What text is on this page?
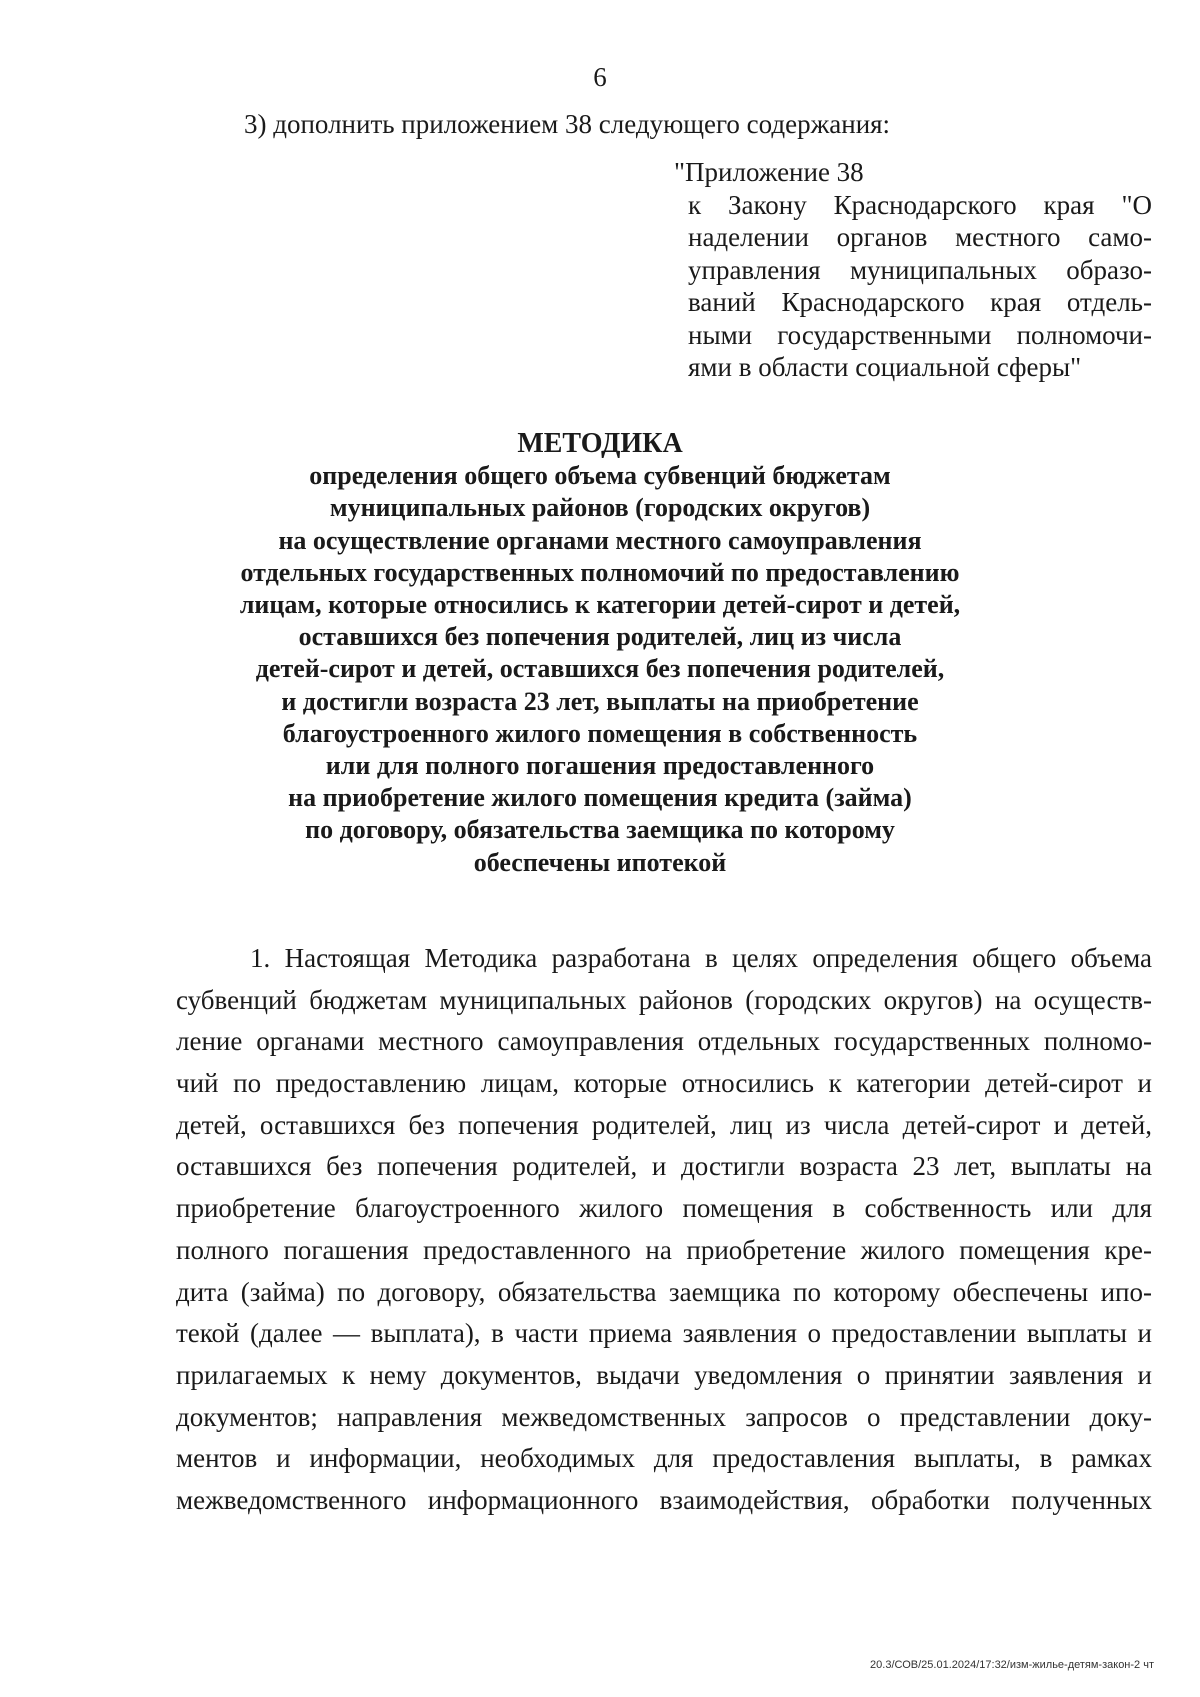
6
3) дополнить приложением 38 следующего содержания:
"Приложение 38
к Закону Краснодарского края "О наделении органов местного само-управления муниципальных образо-ваний Краснодарского края отдель-ными государственными полномочи-ями в области социальной сферы"
МЕТОДИКА
определения общего объема субвенций бюджетам
муниципальных районов (городских округов)
на осуществление органами местного самоуправления
отдельных государственных полномочий по предоставлению
лицам, которые относились к категории детей-сирот и детей,
оставшихся без попечения родителей, лиц из числа
детей-сирот и детей, оставшихся без попечения родителей,
и достигли возраста 23 лет, выплаты на приобретение
благоустроенного жилого помещения в собственность
или для полного погашения предоставленного
на приобретение жилого помещения кредита (займа)
по договору, обязательства заемщика по которому
обеспечены ипотекой
1. Настоящая Методика разработана в целях определения общего объема
субвенций бюджетам муниципальных районов (городских округов) на осуществ-
ление органами местного самоуправления отдельных государственных полномо-
чий по предоставлению лицам, которые относились к категории детей-сирот и
детей, оставшихся без попечения родителей, лиц из числа детей-сирот и детей,
оставшихся без попечения родителей, и достигли возраста 23 лет, выплаты на
приобретение благоустроенного жилого помещения в собственность или для
полного погашения предоставленного на приобретение жилого помещения кре-
дита (займа) по договору, обязательства заемщика по которому обеспечены ипо-
текой (далее — выплата), в части приема заявления о предоставлении выплаты и
прилагаемых к нему документов, выдачи уведомления о принятии заявления и
документов; направления межведомственных запросов о представлении доку-
ментов и информации, необходимых для предоставления выплаты, в рамках
межведомственного информационного взаимодействия, обработки полученных
20.3/СОВ/25.01.2024/17:32/изм-жилье-детям-закон-2 чт
